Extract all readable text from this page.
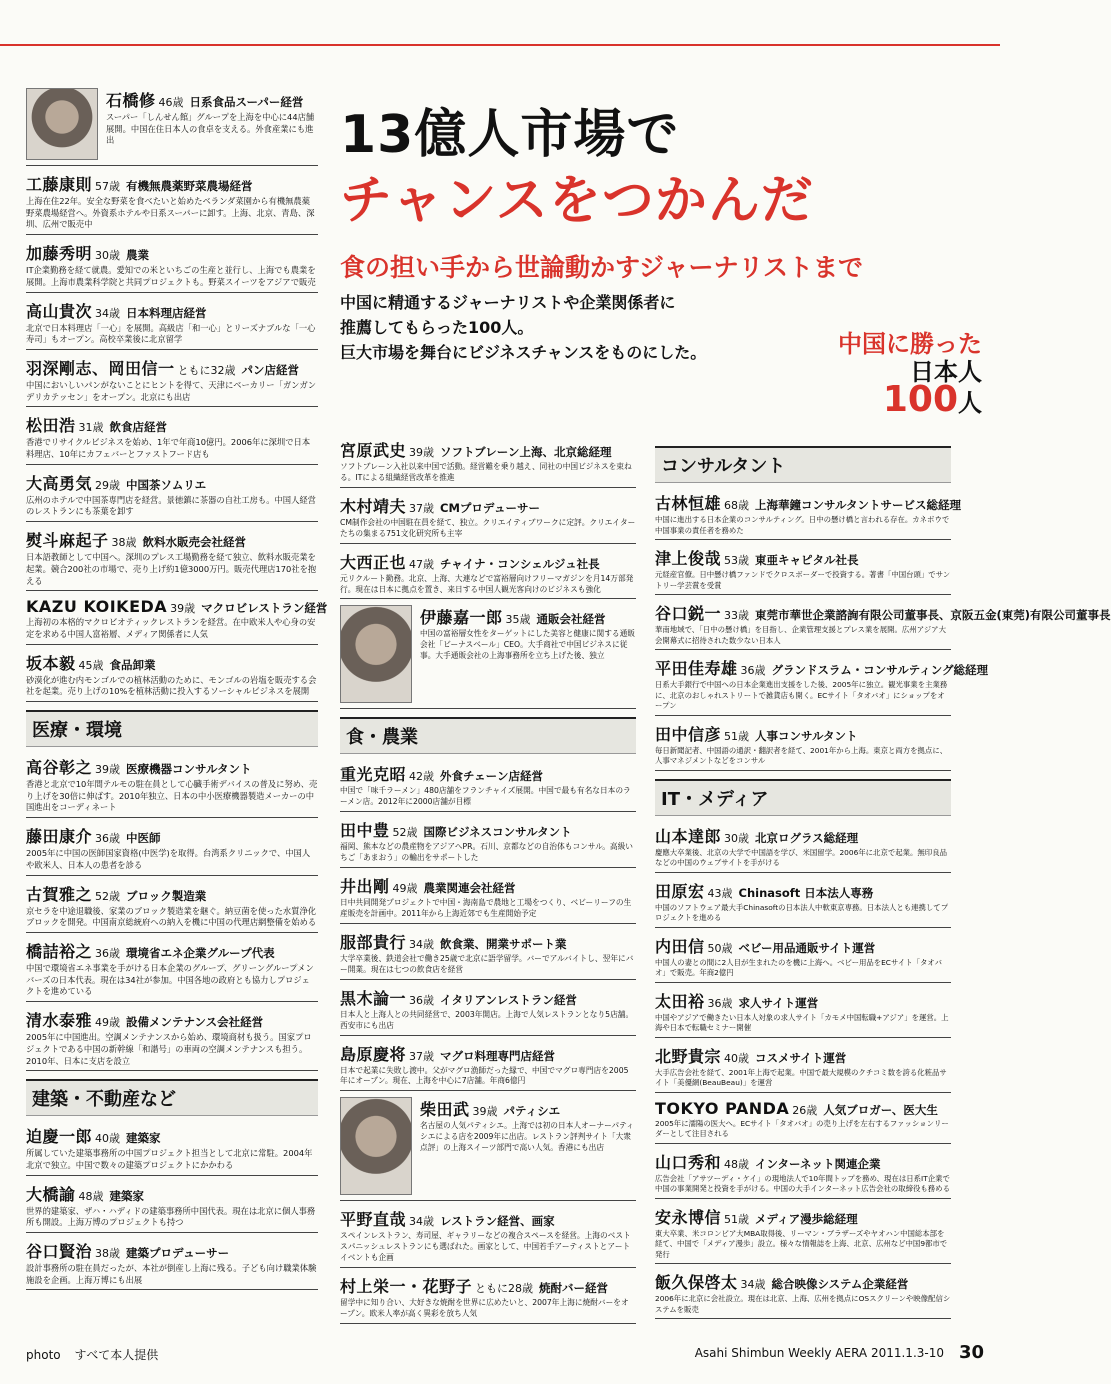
13億人市場で
チャンスをつかんだ
食の担い手から世論動かすジャーナリストまで
中国に精通するジャーナリストや企業関係者に
推薦してもらった100人。
巨大市場を舞台にビジネスチャンスをものにした。	中国に勝った
日本人
100人
石橋修 46歳 日系食品スーパー経営
スーパー「しんせん館」グループを上海を中心に44店舗展開。中国在住日本人の食卓を支える。外食産業にも進出
工藤康則 57歳 有機無農薬野菜農場経営
上海在住22年。安全な野菜を食べたいと始めたベランダ菜園から有機無農薬野菜農場経営へ。外資系ホテルや日系スーパーに卸す。上海、北京、青島、深圳、広州で販売中
加藤秀明 30歳 農業
IT企業勤務を経て就農。愛知での米といちごの生産と並行し、上海でも農業を展開。上海市農業科学院と共同プロジェクトも。野菜スイーツをアジアで販売
高山貴次 34歳 日本料理店経営
北京で日本料理店「一心」を展開。高級店「和一心」とリーズナブルな「一心寿司」もオープン。高校卒業後に北京留学
羽深剛志、岡田信一 ともに32歳 パン店経営
中国においしいパンがないことにヒントを得て、天津にベーカリー「ガンガン デリカテッセン」をオープン。北京にも出店
松田浩 31歳 飲食店経営
香港でリサイクルビジネスを始め、1年で年商10億円。2006年に深圳で日本料理店、10年にカフェバーとファストフード店も
大高勇気 29歳 中国茶ソムリエ
広州のホテルで中国茶専門店を経営。景徳鎮に茶器の自社工房も。中国人経営のレストランにも茶葉を卸す
熨斗麻起子 38歳 飲料水販売会社経営
日本語教師として中国へ。深圳のプレス工場勤務を経て独立、飲料水販売業を起業。競合200社の市場で、売り上げ約1億3000万円。販売代理店170社を抱える
KAZU KOIKEDA 39歳 マクロビレストラン経営
上海初の本格的マクロビオティックレストランを経営。在中欧米人や心身の安定を求める中国人富裕層、メディア関係者に人気
坂本毅 45歳 食品卸業
砂漠化が進む内モンゴルでの植林活動のために、モンゴルの岩塩を販売する会社を起業。売り上げの10%を植林活動に投入するソーシャルビジネスを展開
医療・環境
高谷彰之 39歳 医療機器コンサルタント
香港と北京で10年間テルモの駐在員として心臓手術デバイスの普及に努め、売り上げを30倍に伸ばす。2010年独立、日本の中小医療機器製造メーカーの中国進出をコーディネート
藤田康介 36歳 中医師
2005年に中国の医師国家資格(中医学)を取得。台湾系クリニックで、中国人や欧米人、日本人の患者を診る
古賀雅之 52歳 ブロック製造業
京セラを中途退職後、家業のブロック製造業を継ぐ。納豆菌を使った水質浄化ブロックを開発。中国南京総統府への納入を機に中国の代理店網整備を始める
橋詰裕之 36歳 環境省エネ企業グループ代表
中国で環境省エネ事業を手がける日本企業のグループ、グリーングループメンバーズの日本代表。現在は34社が参加。中国各地の政府とも協力しプロジェクトを進めている
清水泰雅 49歳 設備メンテナンス会社経営
2005年に中国進出。空調メンテナンスから始め、環境商材も扱う。国家プロジェクトである中国の新幹線「和諧号」の車両の空調メンテナンスも担う。2010年、日本に支店を設立
建築・不動産など
迫慶一郎 40歳 建築家
所属していた建築事務所の中国プロジェクト担当として北京に常駐。2004年北京で独立。中国で数々の建築プロジェクトにかかわる
大橋諭 48歳 建築家
世界的建築家、ザハ・ハディドの建築事務所中国代表。現在は北京に個人事務所も開設。上海万博のプロジェクトも持つ
谷口賢治 38歳 建築プロデューサー
設計事務所の駐在員だったが、本社が倒産し上海に残る。子ども向け職業体験施設を企画。上海万博にも出展
宮原武史 39歳 ソフトブレーン上海、北京総経理
ソフトブレーン入社以来中国で活動。経営難を乗り越え、同社の中国ビジネスを束ねる。ITによる組織経営改革を推進
木村靖夫 37歳 CMプロデューサー
CM制作会社の中国駐在員を経て、独立。クリエイティブワークに定評。クリエイターたちの集まる751文化研究所も主宰
大西正也 47歳 チャイナ・コンシェルジュ社長
元リクルート勤務。北京、上海、大連などで富裕層向けフリーマガジンを月14万部発行。現在は日本に拠点を置き、来日する中国人観光客向けのビジネスも強化
伊藤嘉一郎 35歳 通販会社経営
中国の富裕層女性をターゲットにした美容と健康に関する通販会社「ビーナスベール」CEO。大手商社で中国ビジネスに従事。大手通販会社の上海事務所を立ち上げた後、独立
食・農業
重光克昭 42歳 外食チェーン店経営
中国で「味千ラーメン」480店舗をフランチャイズ展開。中国で最も有名な日本のラーメン店。2012年に2000店舗が目標
田中豊 52歳 国際ビジネスコンサルタント
福岡、熊本などの農産物をアジアへPR。石川、京都などの自治体もコンサル。高級いちご「あまおう」の輸出をサポートした
井出剛 49歳 農業関連会社経営
日中共同開発プロジェクトで中国・海南島で農地と工場をつくり、ベビーリーフの生産販売を計画中。2011年から上海近郊でも生産開始予定
服部貴行 34歳 飲食業、開業サポート業
大学卒業後、鉄道会社で働き25歳で北京に語学留学。バーでアルバイトし、翌年にバー開業。現在は七つの飲食店を経営
黒木論一 36歳 イタリアンレストラン経営
日本人と上海人との共同経営で、2003年開店。上海で人気レストランとなり5店舗。西安市にも出店
島原慶将 37歳 マグロ料理専門店経営
日本で起業に失敗し渡中。父がマグロ漁師だった縁で、中国でマグロ専門店を2005年にオープン。現在、上海を中心に7店舗。年商6億円
柴田武 39歳 パティシエ
名古屋の人気パティシエ。上海では初の日本人オーナーパティシエによる店を2009年に出店。レストラン評判サイト「大衆点評」の上海スイーツ部門で高い人気。香港にも出店
平野直哉 34歳 レストラン経営、画家
スペインレストラン、寿司屋、ギャラリーなどの複合スペースを経営。上海のベストスパニッシュレストランにも選ばれた。画家として、中国若手アーティストとアートイベントも企画
村上栄一・花野子 ともに28歳 焼酎バー経営
留学中に知り合い、大好きな焼酎を世界に広めたいと、2007年上海に焼酎バーをオープン。欧米人率が高く異彩を放ち人気
コンサルタント
古林恒雄 68歳 上海華鐘コンサルタントサービス総経理
中国に進出する日本企業のコンサルティング。日中の懸け橋と言われる存在。カネボウで中国事業の責任者を務めた
津上俊哉 53歳 東亜キャピタル社長
元経産官僚。日中懸け橋ファンドでクロスボーダーで投資する。著書「中国台頭」でサントリー学芸賞を受賞
谷口鋭一 33歳 東莞市華世企業諮詢有限公司董事長、京阪五金(東莞)有限公司董事長
華南地域で、「日中の懸け橋」を目指し、企業管理支援とプレス業を展開。広州アジア大会開幕式に招待された数少ない日本人
平田佳寿雄 36歳 グランドスラム・コンサルティング総経理
日系大手銀行で中国への日本企業進出支援をした後、2005年に独立。観光事業を主業務に、北京のおしゃれストリートで雑貨店も開く。ECサイト「タオバオ」にショップをオープン
田中信彦 51歳 人事コンサルタント
毎日新聞記者、中国語の通訳・翻訳者を経て、2001年から上海。東京と両方を拠点に、人事マネジメントなどをコンサル
IT・メディア
山本達郎 30歳 北京ログラス総経理
慶應大卒業後、北京の大学で中国語を学び、米国留学。2006年に北京で起業。無印良品などの中国のウェブサイトを手がける
田原宏 43歳 Chinasoft 日本法人専務
中国のソフトウェア最大手Chinasoftの日本法人中軟東京専務。日本法人とも連携してプロジェクトを進める
内田信 50歳 ベビー用品通販サイト運営
中国人の妻との間に2人目が生まれたのを機に上海へ。ベビー用品をECサイト「タオバオ」で販売。年商2億円
太田裕 36歳 求人サイト運営
中国やアジアで働きたい日本人対象の求人サイト「カモメ中国転職+アジア」を運営。上海や日本で転職セミナー開催
北野貴宗 40歳 コスメサイト運営
大手広告会社を経て、2001年上海で起業。中国で最大規模のクチコミ数を誇る化粧品サイト「美優網(BeauBeau)」を運営
TOKYO PANDA 26歳 人気ブロガー、医大生
2005年に濡陽の医大へ。ECサイト「タオバオ」の売り上げを左右するファッションリーダーとして注目される
山口秀和 48歳 インターネット関連企業
広告会社「アサツーディ・ケイ」の現地法人で10年間トップを務め、現在は日系IT企業で中国の事業開発と投資を手がける。中国の大手インターネット広告会社の取締役も務める
安永博信 51歳 メディア漫歩総経理
東大卒業、米コロンビア大MBA取得後、リーマン・ブラザーズやヤオハン中国総本部を経て、中国で「メディア漫歩」設立。様々な情報誌を上海、北京、広州など中国9都市で発行
飯久保啓太 34歳 総合映像システム企業経営
2006年に北京に会社設立。現在は北京、上海、広州を拠点にOSスクリーンや映像配信システムを販売
photo すべて本人提供	Asahi Shimbun Weekly AERA 2011.1.3-10 30
